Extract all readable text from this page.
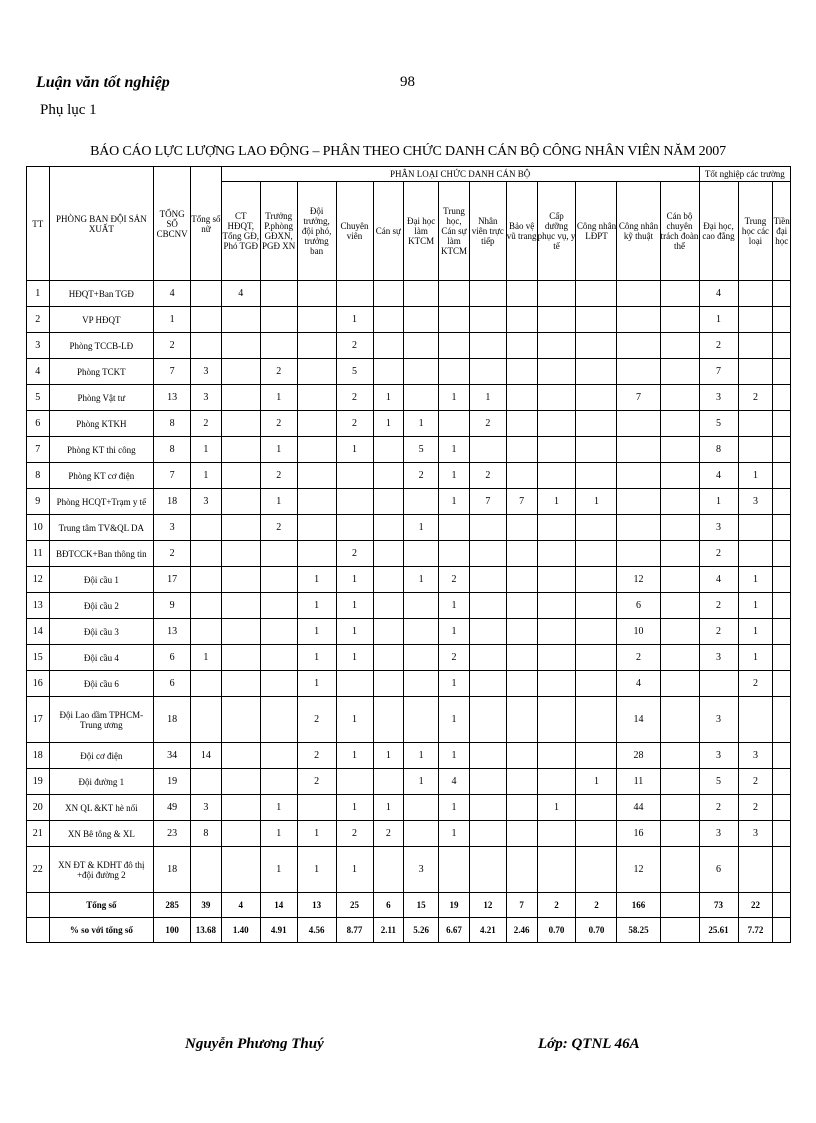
Luận văn tốt nghiệp	98
Phụ lục 1
BÁO CÁO LỰC LƯỢNG LAO ĐỘNG – PHÂN THEO CHỨC DANH CÁN BỘ CÔNG NHÂN VIÊN NĂM 2007
TT	PHÒNG BAN ĐỘI SẢN XUẤT	TỔNG SỐ CBCNV	Tổng số nữ	PHÂN LOẠI CHỨC DANH CÁN BỘ													Tốt nghiệp các trường		
				CT HĐQT, Tổng GĐ, Phó TGĐ	Trưởng P.phòng GĐXN, PGĐ XN	Đội trưởng, đội phó, trưởng ban	Chuyên viên	Cán sự	Đại học làm KTCM	Trung học, Cán sự làm KTCM	Nhân viên trực tiếp	Bảo vệ vũ trang	Cấp dưỡng phục vụ, y tế	Công nhân LĐPT	Công nhân kỹ thuật	Cán bộ chuyên trách đoàn thể	Đại học, cao đẳng	Trung học các loại	Tiền đại học
1	HĐQT+Ban TGĐ	4		4													4		
2	VP HĐQT	1					1										1		
3	Phòng TCCB-LĐ	2					2										2		
4	Phòng TCKT	7	3		2		5										7		
5	Phòng Vật tư	13	3		1		2	1		1	1				7		3	2	
6	Phòng KTKH	8	2		2		2	1	1		2						5		
7	Phòng KT thi công	8	1		1		1		5	1							8		
8	Phòng KT cơ điện	7	1		2				2	1	2						4	1	
9	Phòng HCQT+Trạm y tế	18	3		1					1	7	7	1	1			1	3	
10	Trung tâm TV&QL DA	3			2				1								3		
11	BĐTCCK+Ban thông tin	2					2										2		
12	Đội cầu 1	17				1	1		1	2					12		4	1	
13	Đội cầu 2	9				1	1			1					6		2	1	
14	Đội cầu 3	13				1	1			1					10		2	1	
15	Đội cầu 4	6	1			1	1			2					2		3	1	
16	Đội cầu 6	6				1				1					4			2	
17	Đội Lao dầm TPHCM-Trung ương	18				2	1			1					14		3		
18	Đội cơ điện	34	14			2	1	1	1	1					28		3	3	
19	Đội đường 1	19				2			1	4				1	11		5	2	
20	XN QL &KT hè nối	49	3		1		1	1		1			1		44		2	2	
21	XN Bê tông & XL	23	8		1	1	2	2		1					16		3	3	
22	XN ĐT & KDHT đô thị +đội đường 2	18			1	1	1		3						12		6		
	Tổng số	285	39	4	14	13	25	6	15	19	12	7	2	2	166		73	22	
	% so với tổng số	100	13.68	1.40	4.91	4.56	8.77	2.11	5.26	6.67	4.21	2.46	0.70	0.70	58.25		25.61	7.72	
Nguyễn Phương Thuý	Lớp: QTNL 46A
